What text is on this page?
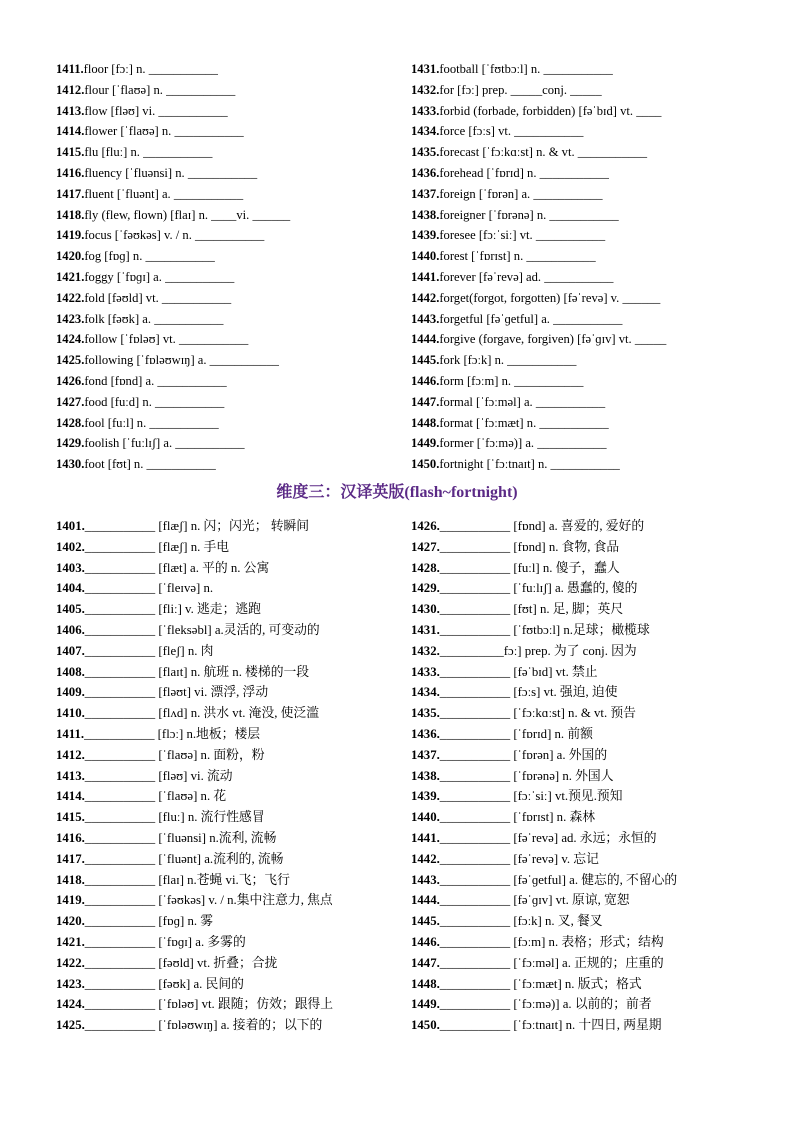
1411.floor [fɔː] n. ___________
1412.flour [ˈflaʊə] n. ___________
1413.flow [fləʊ] vi. ___________
1414.flower [ˈflaʊə] n. ___________
1415.flu [fluː] n. ___________
1416.fluency [ˈfluənsi] n. ___________
1417.fluent [ˈfluənt] a. ___________
1418.fly (flew, flown) [flaɪ] n. ____vi. ______
1419.focus [ˈfəʊkəs] v. / n. ___________
1420.fog [fɒɡ] n. ___________
1421.foggy [ˈfɒɡɪ] a. ___________
1422.fold [fəʊld] vt. ___________
1423.folk [fəʊk] a. ___________
1424.follow [ˈfɒləʊ] vt. ___________
1425.following [ˈfɒləʊwɪŋ] a. ___________
1426.fond [fɒnd] a. ___________
1427.food [fuːd] n. ___________
1428.fool [fuːl] n. ___________
1429.foolish [ˈfuːlɪʃ] a. ___________
1430.foot [fʊt] n. ___________
1431.football [ˈfʊtbɔːl] n. ___________
1432.for [fɔː] prep. _____conj. _____
1433.forbid (forbade, forbidden) [fəˈbɪd] vt. ____
1434.force [fɔːs] vt. ___________
1435.forecast [ˈfɔːkɑːst] n. & vt. ___________
1436.forehead [ˈfɒrɪd] n. ___________
1437.foreign [ˈfɒrən] a. ___________
1438.foreigner [ˈfɒrənə] n. ___________
1439.foresee [fɔːˈsiː] vt. ___________
1440.forest [ˈfɒrɪst] n. ___________
1441.forever [fəˈrevə] ad. ___________
1442.forget(forgot, forgotten) [fəˈrevə] v. ______
1443.forgetful [fəˈɡetful] a. ___________
1444.forgive (forgave, forgiven) [fəˈɡɪv] vt. _____
1445.fork [fɔːk] n. ___________
1446.form [fɔːm] n. ___________
1447.formal [ˈfɔːməl] a. ___________
1448.format [ˈfɔːmæt] n. ___________
1449.former [ˈfɔːmə)] a. ___________
1450.fortnight [ˈfɔːtnaɪt] n. ___________
维度三：汉译英版(flash~fortnight)
1401.___________ [flæʃ] n. 闪；闪光； 转瞬间
1402.___________ [flæʃ] n. 手电
1403.___________ [flæt] a. 平的 n. 公寓
1404.___________ [ˈfleɪvə] n.
1405.___________ [fliː] v. 逃走；逃跑
1406.___________ [ˈfleksəbl] a.灵活的, 可变动的
1407.___________ [fleʃ] n. 肉
1408.___________ [flaɪt] n. 航班 n. 楼梯的一段
1409.___________ [fləʊt] vi. 漂浮, 浮动
1410.___________ [flʌd] n. 洪水 vt. 淹没, 使泛滥
1411.___________ [flɔː] n.地板；楼层
1412.___________ [ˈflaʊə] n. 面粉，粉
1413.___________ [fləʊ] vi. 流动
1414.___________ [ˈflaʊə] n. 花
1415.___________ [fluː] n. 流行性感冒
1416.___________ [ˈfluənsi] n.流利, 流畅
1417.___________ [ˈfluənt] a.流利的, 流畅
1418.___________ [flaɪ] n.苍蝇 vi.飞；飞行
1419.___________ [ˈfəʊkəs] v. / n.集中注意力, 焦点
1420.___________ [fɒɡ] n. 雾
1421.___________ [ˈfɒɡɪ] a. 多雾的
1422.___________ [fəʊld] vt. 折叠；合拢
1423.___________ [fəʊk] a. 民间的
1424.___________ [ˈfɒləʊ] vt. 跟随；仿效；跟得上
1425.___________ [ˈfɒləʊwɪŋ] a. 接着的；以下的
1426.___________ [fɒnd] a. 喜爱的, 爱好的
1427.___________ [fɒnd] n. 食物, 食品
1428.___________ [fuːl] n. 傻子，蠢人
1429.___________ [ˈfuːlɪʃ] a. 愚蠢的, 傻的
1430.___________ [fʊt] n. 足, 脚；英尺
1431.___________ [ˈfʊtbɔːl] n.足球；橄榄球
1432.__________fɔː] prep. 为了 conj. 因为
1433.___________ [fəˈbɪd] vt. 禁止
1434.___________ [fɔːs] vt. 强迫, 迫使
1435.___________ [ˈfɔːkɑːst] n. & vt. 预告
1436.___________ [ˈfɒrɪd] n. 前额
1437.___________ [ˈfɒrən] a. 外国的
1438.___________ [ˈfɒrənə] n. 外国人
1439.___________ [fɔːˈsiː] vt.预见.预知
1440.___________ [ˈfɒrɪst] n. 森林
1441.___________ [fəˈrevə] ad. 永远；永恒的
1442.___________ [fəˈrevə] v. 忘记
1443.___________ [fəˈɡetful] a. 健忘的, 不留心的
1444.___________ [fəˈɡɪv] vt. 原谅, 宽恕
1445.___________ [fɔːk] n. 叉, 餐叉
1446.___________ [fɔːm] n. 表格；形式；结构
1447.___________ [ˈfɔːməl] a. 正规的；庄重的
1448.___________ [ˈfɔːmæt] n. 版式；格式
1449.___________ [ˈfɔːmə)] a. 以前的；前者
1450.___________ [ˈfɔːtnaɪt] n. 十四日, 两星期
